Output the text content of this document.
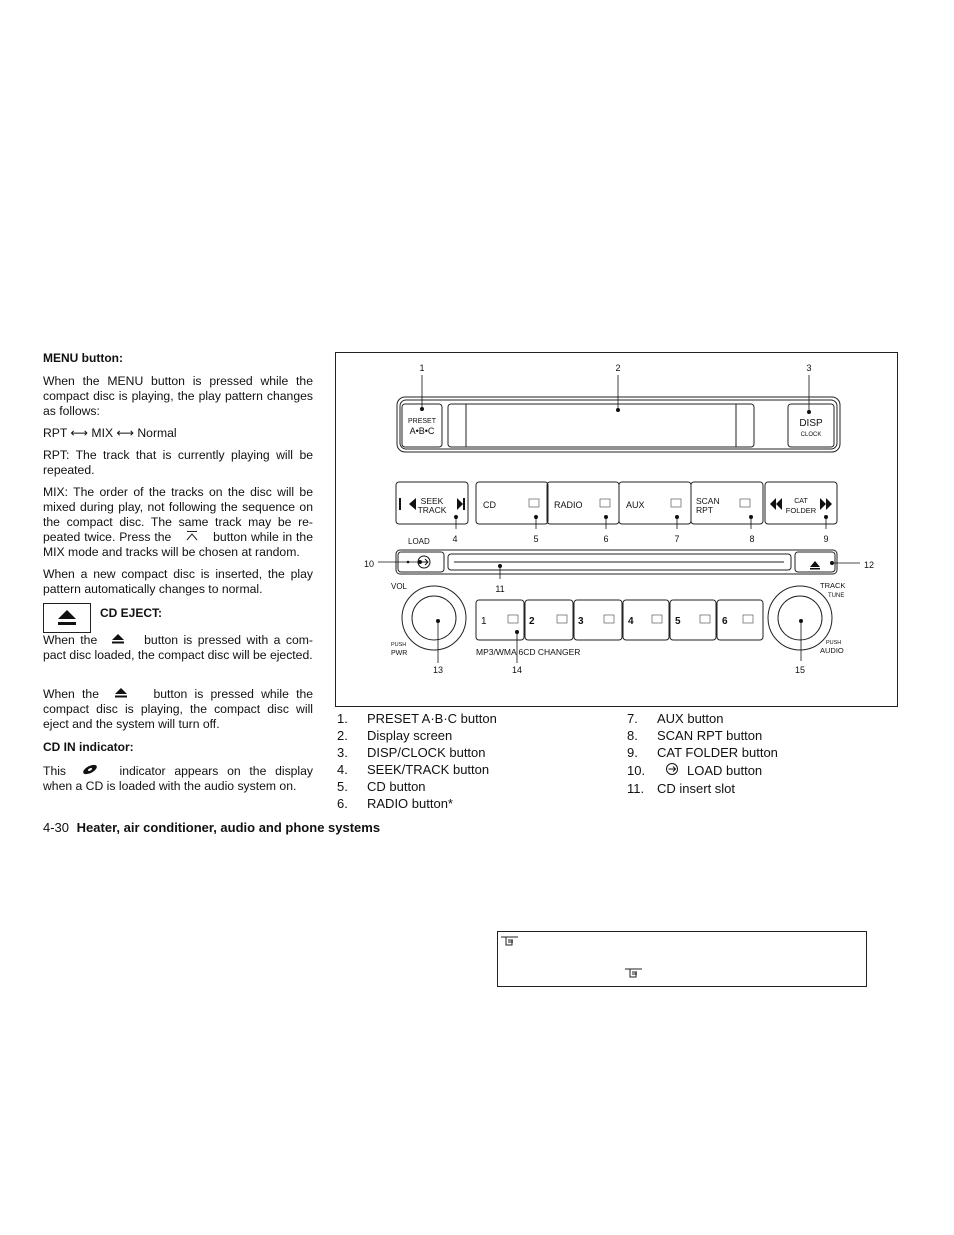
MENU button:

When the MENU button is pressed while the compact disc is playing, the play pattern changes as follows:

RPT ⟷ MIX ⟷ Normal

RPT: The track that is currently playing will be repeated.

MIX: The order of the tracks on the disc will be mixed during play, not following the sequence on the compact disc. The same track may be re-peated twice. Press the	button while in the MIX mode and tracks will be chosen at random.

When a new compact disc is inserted, the play pattern automatically changes to normal.

CD EJECT:
When the	button is pressed with a com-pact disc loaded, the compact disc will be ejected.
When the	button is pressed while the compact disc is playing, the compact disc will eject and the system will turn off.
CD IN indicator:
This	indicator appears on the display when a CD is loaded with the audio system on.
PRESET
A•B•C
DISP
CLOCK
SEEK
TRACK	CD	RADIO	AUX	SCAN
RPT
CAT
FOLDER
LOAD
VOL
PUSH
PWR
TRACK
TUNE
PUSH
AUDIO
1	2	3	4	5	6
MP3/WMA 6CD CHANGER
1	2	3
4	5	6	7	8	9
10
11
12
13	14	15
1.	PRESET A·B·C button
2.	Display screen
3.	DISP/CLOCK button
4.	SEEK/TRACK button
5.	CD button
6.	RADIO button*
7.	AUX button
8.	SCAN RPT button
9.	CAT FOLDER button
10.	LOAD button
11. CD insert slot
4-30 Heater, air conditioner, audio and phone systems
